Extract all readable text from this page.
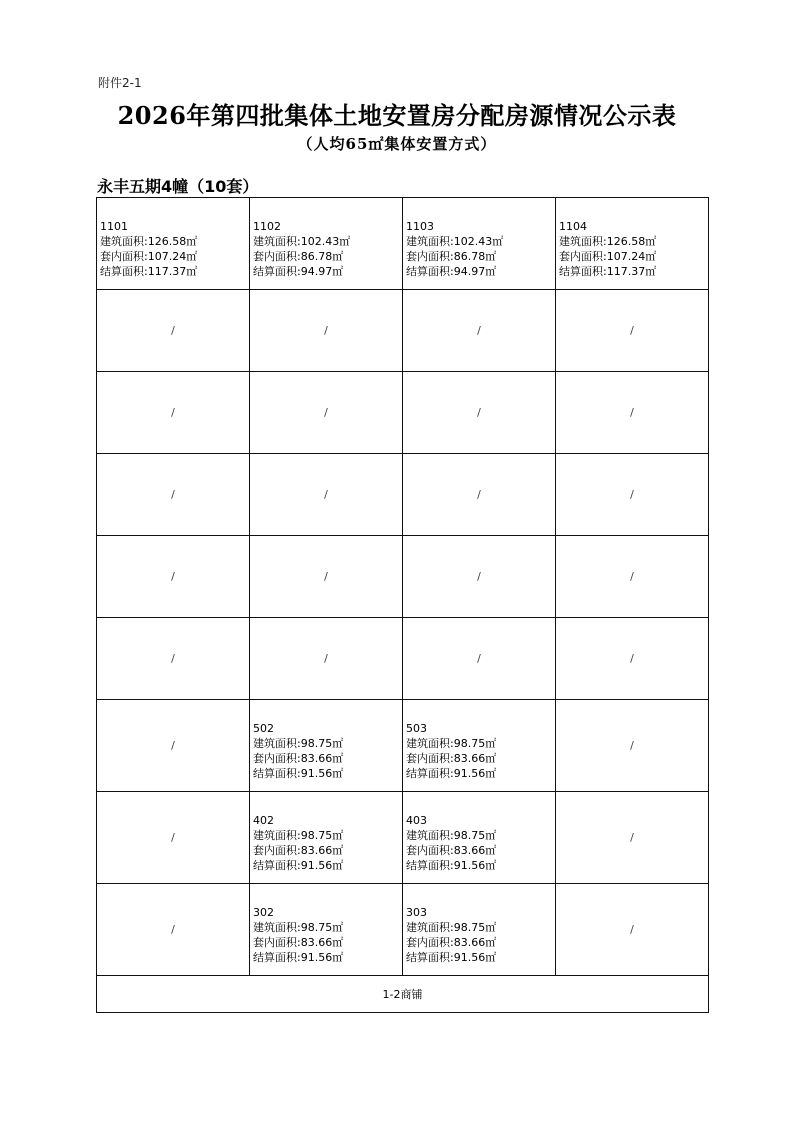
附件2-1
2026年第四批集体土地安置房分配房源情况公示表
（人均65㎡集体安置方式）
永丰五期4幢（10套）
1101
建筑面积:126.58㎡
套内面积:107.24㎡
结算面积:117.37㎡	1102
建筑面积:102.43㎡
套内面积:86.78㎡
结算面积:94.97㎡	1103
建筑面积:102.43㎡
套内面积:86.78㎡
结算面积:94.97㎡	1104
建筑面积:126.58㎡
套内面积:107.24㎡
结算面积:117.37㎡

/	/	/	/
/	/	/	/
/	/	/	/
/	/	/	/
/	/	/	/
/	502
建筑面积:98.75㎡
套内面积:83.66㎡
结算面积:91.56㎡	503
建筑面积:98.75㎡
套内面积:83.66㎡
结算面积:91.56㎡	/
/	402
建筑面积:98.75㎡
套内面积:83.66㎡
结算面积:91.56㎡	403
建筑面积:98.75㎡
套内面积:83.66㎡
结算面积:91.56㎡	/
/	302
建筑面积:98.75㎡
套内面积:83.66㎡
结算面积:91.56㎡	303
建筑面积:98.75㎡
套内面积:83.66㎡
结算面积:91.56㎡	/
1-2商铺			
